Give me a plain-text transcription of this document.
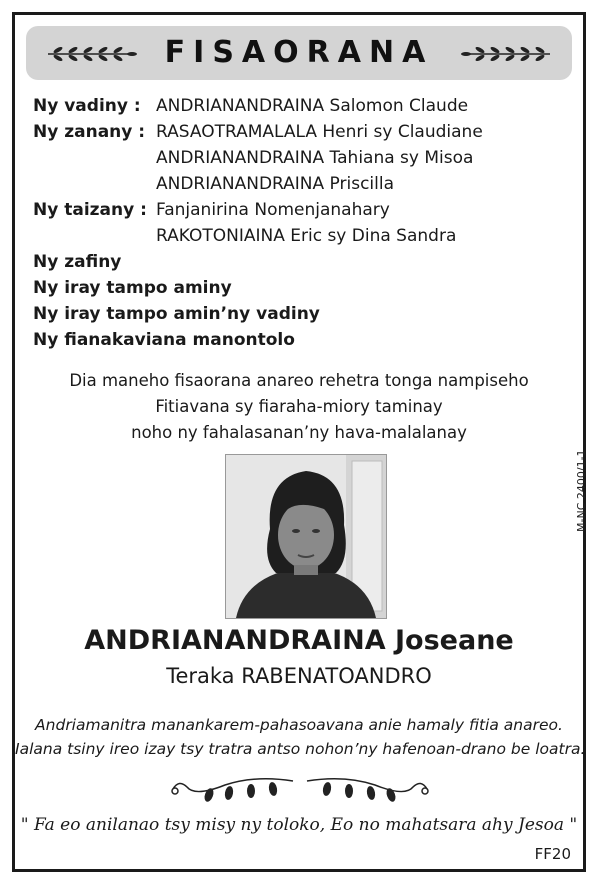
FISAORANA
Ny vadiny : ANDRIANANDRAINA Salomon Claude
Ny zanany : RASAOTRAMALALA Henri sy Claudiane
ANDRIANANDRAINA Tahiana sy Misoa
ANDRIANANDRAINA Priscilla
Ny taizany : Fanjanirina Nomenjanahary
RAKOTONIAINA Eric sy Dina Sandra
Ny zafiny
Ny iray tampo aminy
Ny iray tampo amin’ny vadiny
Ny fianakaviana manontolo
Dia maneho fisaorana anareo rehetra tonga nampiseho
Fitiavana sy fiaraha-miory taminay
noho ny fahalasanan’ny hava-malalanay
M-NC 2400/1-1
ANDRIANANDRAINA Joseane
Teraka RABENATOANDRO
Andriamanitra manankarem-pahasoavana anie hamaly fitia anareo.
Ialana tsiny ireo izay tsy tratra antso nohon’ny hafenoan-drano be loatra.
" Fa eo anilanao tsy misy ny toloko, Eo no mahatsara ahy Jesoa "
FF20
